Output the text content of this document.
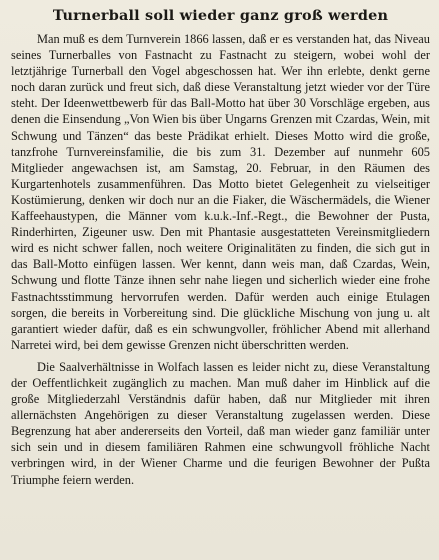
Turnerball soll wieder ganz groß werden

Man muß es dem Turnverein 1866 lassen, daß er es verstanden hat, das Niveau seines Turnerballes von Fastnacht zu Fastnacht zu steigern, wobei wohl der letztjährige Turnerball den Vogel abgeschossen hat. Wer ihn erlebte, denkt gerne noch daran zurück und freut sich, daß diese Veranstaltung jetzt wieder vor der Türe steht. Der Ideenwettbewerb für das Ball-Motto hat über 30 Vorschläge ergeben, aus denen die Einsendung „Von Wien bis über Ungarns Grenzen mit Czardas, Wein, mit Schwung und Tänzen“ das beste Prädikat erhielt. Dieses Motto wird die große, tanzfrohe Turnvereinsfamilie, die bis zum 31. Dezember auf nunmehr 605 Mitglieder angewachsen ist, am Samstag, 20. Februar, in den Räumen des Kurgartenhotels zusammenführen. Das Motto bietet Gelegenheit zu vielseitiger Kostümierung, denken wir doch nur an die Fiaker, die Wäschermädels, die Wiener Kaffeehaustypen, die Männer vom k.u.k.-Inf.-Regt., die Bewohner der Pusta, Rinderhirten, Zigeuner usw. Den mit Phantasie ausgestatteten Vereinsmitgliedern wird es nicht schwer fallen, noch weitere Originalitäten zu finden, die sich gut in das Ball-Motto einfügen lassen. Wer kennt, dann weis man, daß Czardas, Wein, Schwung und flotte Tänze ihnen sehr nahe liegen und sicherlich wieder eine frohe Fastnachtsstimmung hervorrufen werden. Dafür werden auch einige Etulagen sorgen, die bereits in Vorbereitung sind. Die glückliche Mischung von jung u. alt garantiert wieder dafür, daß es ein schwungvoller, fröhlicher Abend mit allerhand Narretei wird, bei dem gewisse Grenzen nicht überschritten werden.

Die Saalverhältnisse in Wolfach lassen es leider nicht zu, diese Veranstaltung der Oeffentlichkeit zugänglich zu machen. Man muß daher im Hinblick auf die große Mitgliederzahl Verständnis dafür haben, daß nur Mitglieder mit ihren allernächsten Angehörigen zu dieser Veranstaltung zugelassen werden. Diese Begrenzung hat aber andererseits den Vorteil, daß man wieder ganz familiär unter sich sein und in diesem familiären Rahmen eine schwungvoll fröhliche Nacht verbringen wird, in der Wiener Charme und die feurigen Bewohner der Pußta Triumphe feiern werden.
